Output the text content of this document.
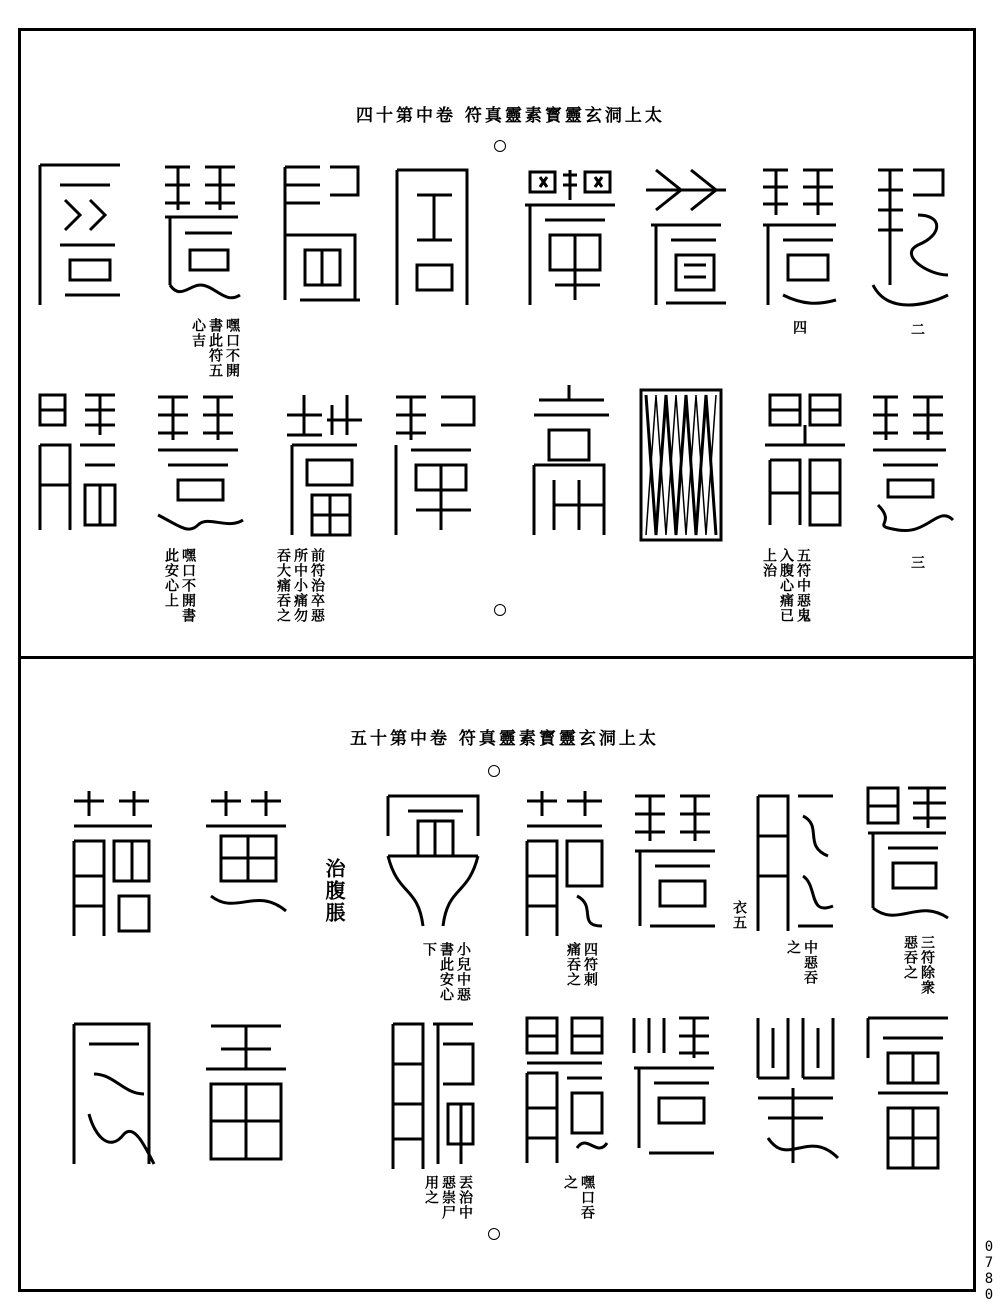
太上洞玄靈寳素靈真符 卷中第十四
二
四
嘿口不開書此符五心吉
三
五符中惡鬼入腹心痛已上治
前符治卒惡所中小痛勿吞大痛吞之
嘿口不開書此安心上
太上洞玄靈寳素靈真符 卷中第十五
治腹脹
三符除衆惡吞之
中惡吞之
衣五
四符刺痛吞之
小兒中惡書此安心下
嘿口吞之
丟治中惡崇尸用之
0780
